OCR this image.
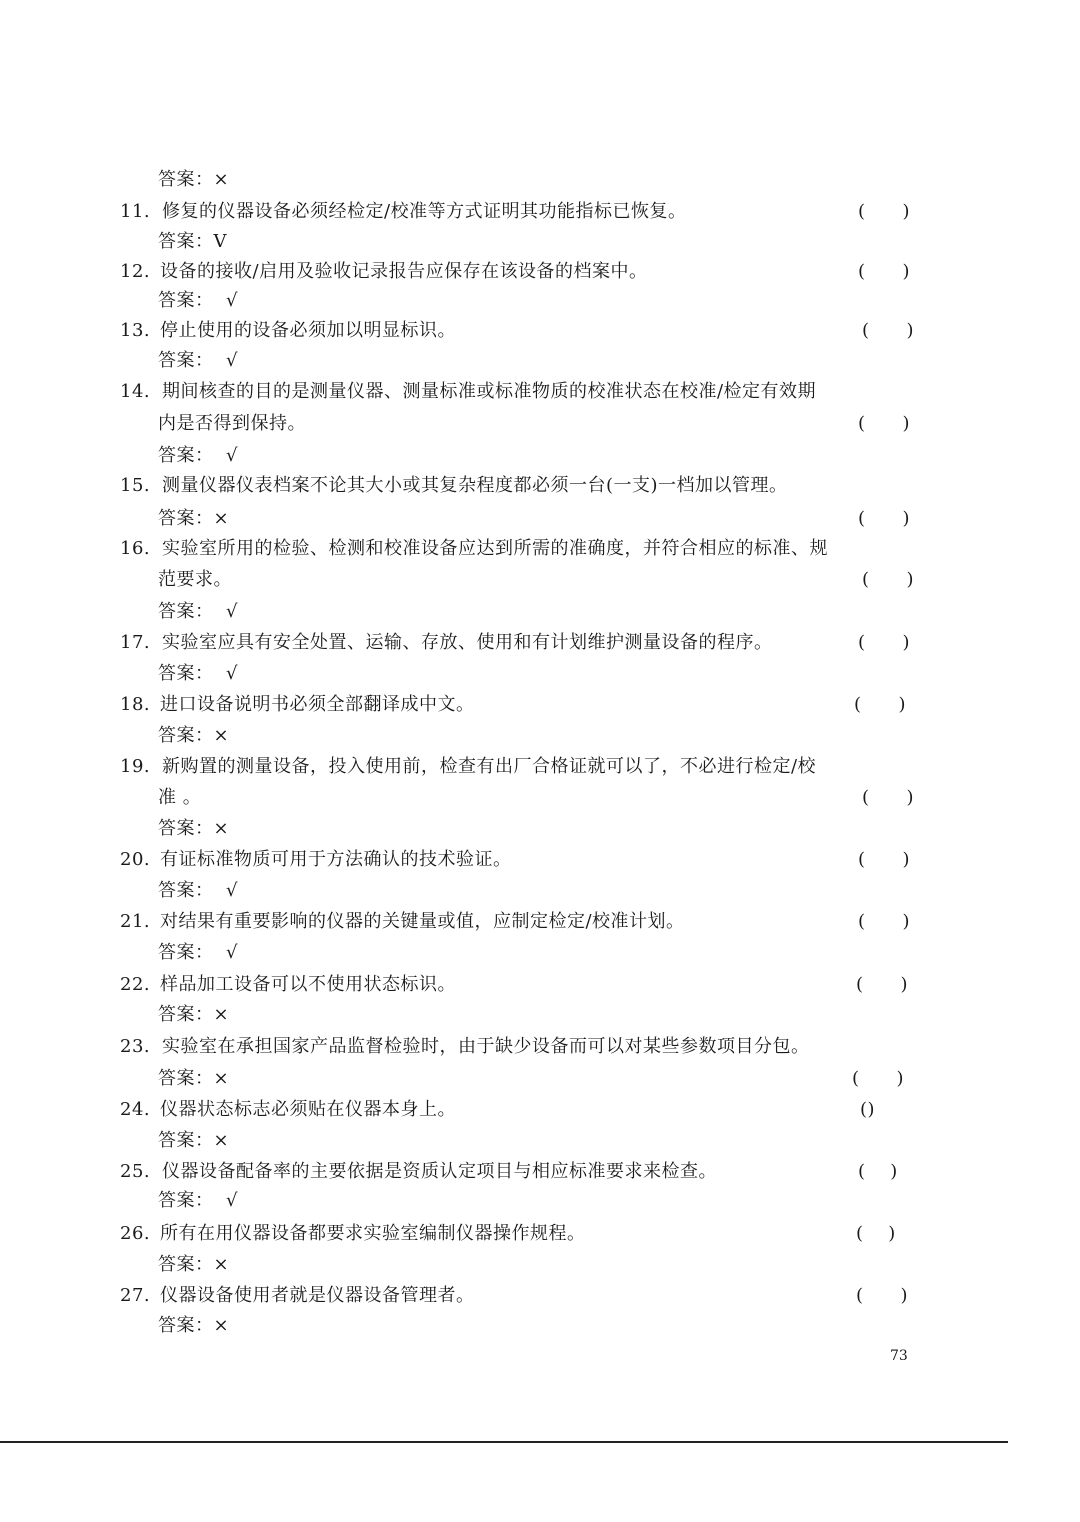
答案：×
11. 修复的仪器设备必须经检定/校准等方式证明其功能指标已恢复。	(　　)
答案：V
12. 设备的接收/启用及验收记录报告应保存在该设备的档案中。	(　　)
答案： √
13. 停止使用的设备必须加以明显标识。	(　　)
答案： √
14. 期间核查的目的是测量仪器、测量标准或标准物质的校准状态在校准/检定有效期
内是否得到保持。	(　　)
答案： √
15. 测量仪器仪表档案不论其大小或其复杂程度都必须一台(一支)一档加以管理。
答案：×	(　　)
16. 实验室所用的检验、检测和校准设备应达到所需的准确度，并符合相应的标准、规
范要求。	(　　)
答案： √
17. 实验室应具有安全处置、运输、存放、使用和有计划维护测量设备的程序。	(　　)
答案： √
18. 进口设备说明书必须全部翻译成中文。	(　　)
答案：×
19. 新购置的测量设备，投入使用前，检查有出厂合格证就可以了，不必进行检定/校
准 。	(　　)
答案：×
20. 有证标准物质可用于方法确认的技术验证。	(　　)
答案： √
21. 对结果有重要影响的仪器的关键量或值，应制定检定/校准计划。	(　　)
答案： √
22. 样品加工设备可以不使用状态标识。	(　　)
答案：×
23. 实验室在承担国家产品监督检验时，由于缺少设备而可以对某些参数项目分包。
答案：×	(　　)
24. 仪器状态标志必须贴在仪器本身上。	()
答案：×
25. 仪器设备配备率的主要依据是资质认定项目与相应标准要求来检查。	(　 )
答案： √
26. 所有在用仪器设备都要求实验室编制仪器操作规程。	(　 )
答案：×
27. 仪器设备使用者就是仪器设备管理者。	(　　)
答案：×
73
